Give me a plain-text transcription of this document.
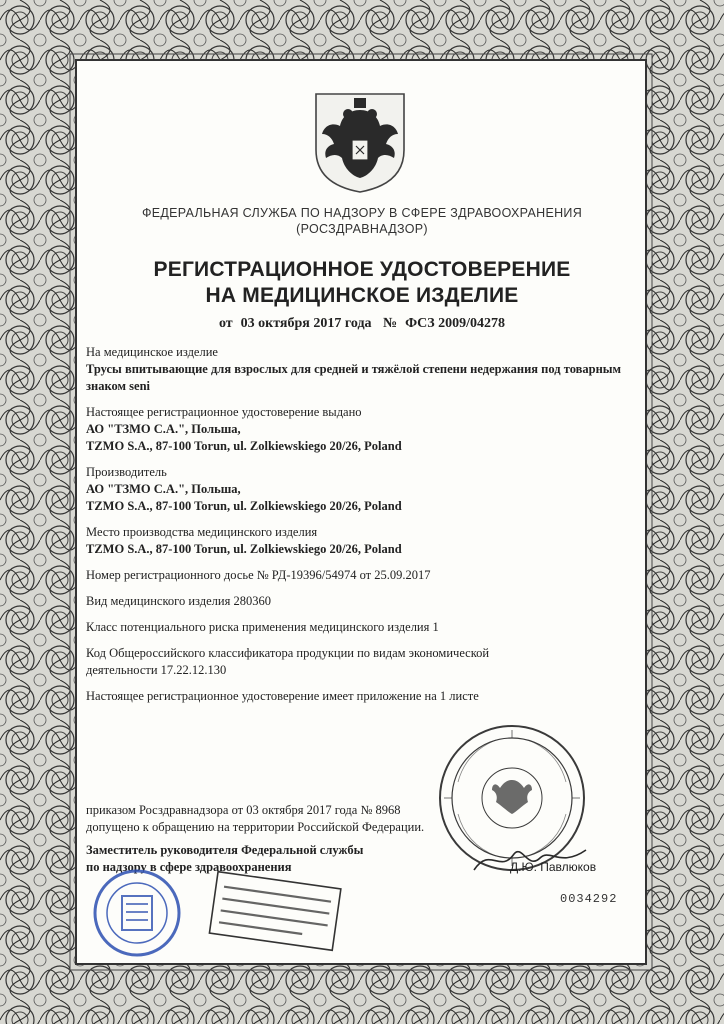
ФЕДЕРАЛЬНАЯ СЛУЖБА ПО НАДЗОРУ В СФЕРЕ ЗДРАВООХРАНЕНИЯ
(РОСЗДРАВНАДЗОР)
РЕГИСТРАЦИОННОЕ УДОСТОВЕРЕНИЕ
НА МЕДИЦИНСКОЕ ИЗДЕЛИЕ
от 03 октября 2017 года № ФСЗ 2009/04278
На медицинское изделие
Трусы впитывающие для взрослых для средней и тяжёлой степени недержания под товарным знаком seni
Настоящее регистрационное удостоверение выдано
АО "ТЗМО С.А.", Польша,
TZMO S.A., 87-100 Torun, ul. Zolkiewskiego 20/26, Poland
Производитель
АО "ТЗМО С.А.", Польша,
TZMO S.A., 87-100 Torun, ul. Zolkiewskiego 20/26, Poland
Место производства медицинского изделия
TZMO S.A., 87-100 Torun, ul. Zolkiewskiego 20/26, Poland
Номер регистрационного досье № РД-19396/54974 от 25.09.2017
Вид медицинского изделия 280360
Класс потенциального риска применения медицинского изделия 1
Код Общероссийского классификатора продукции по видам экономической
деятельности 17.22.12.130
Настоящее регистрационное удостоверение имеет приложение на 1 листе
приказом Росздравнадзора от 03 октября 2017 года № 8968
допущено к обращению на территории Российской Федерации.
Заместитель руководителя Федеральной службы
по надзору в сфере здравоохранения	Д.Ю. Павлюков
0034292
